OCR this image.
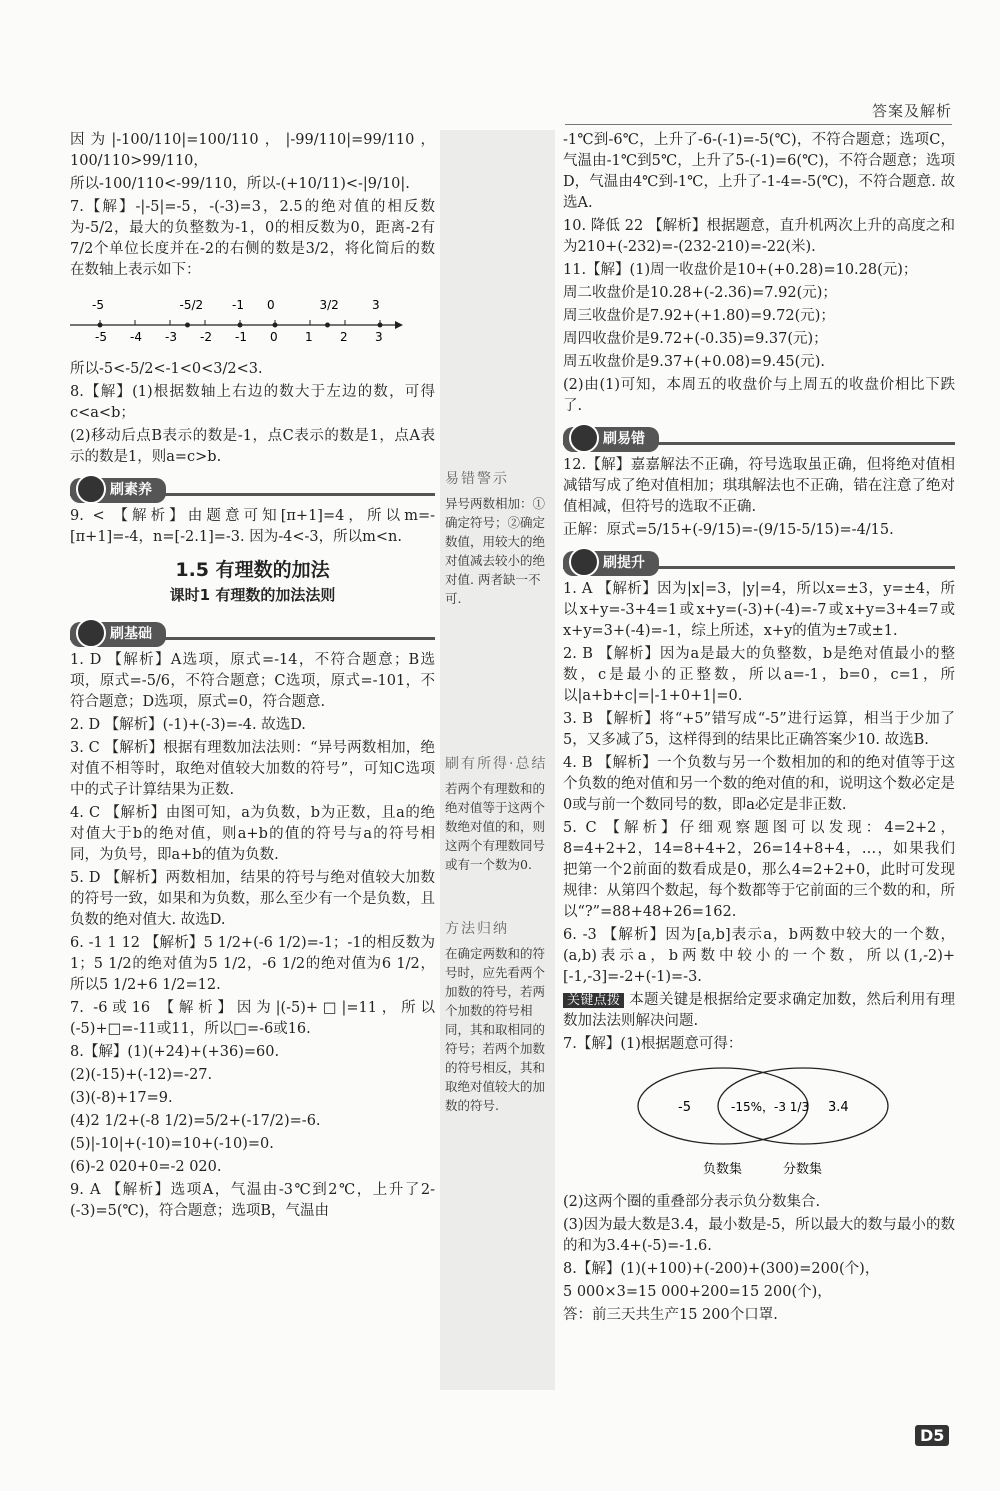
答案及解析

因为|-100/110|=100/110，|-99/110|=99/110，100/110>99/110，

所以-100/110<-99/110，所以-(+10/11)<-|9/10|.

7.【解】-|-5|=-5，-(-3)=3，2.5的绝对值的相反数为-5/2，最大的负整数为-1，0的相反数为0，距离-2有7/2个单位长度并在-2的右侧的数是3/2，将化简后的数在数轴上表示如下：

-5 -4 -3 -2 -1 0 1 2 3
-5	-5/2 -1 0	3/2	3

所以-5<-5/2<-1<0<3/2<3.

8.【解】(1)根据数轴上右边的数大于左边的数，可得c<a<b；

(2)移动后点B表示的数是-1，点C表示的数是1，点A表示的数是1，则a=c>b.

刷素养

9. < 【解析】由题意可知[π+1]=4，所以m=-[π+1]=-4，n=[-2.1]=-3. 因为-4<-3，所以m<n.

1.5 有理数的加法
课时1 有理数的加法法则
刷基础

1. D 【解析】A选项，原式=-14，不符合题意；B选项，原式=-5/6，不符合题意；C选项，原式=-101，不符合题意；D选项，原式=0，符合题意.

2. D 【解析】(-1)+(-3)=-4. 故选D.

3. C 【解析】根据有理数加法法则：“异号两数相加，绝对值不相等时，取绝对值较大加数的符号”，可知C选项中的式子计算结果为正数.

4. C 【解析】由图可知，a为负数，b为正数，且a的绝对值大于b的绝对值，则a+b的值的符号与a的符号相同，为负号，即a+b的值为负数.

5. D 【解析】两数相加，结果的符号与绝对值较大加数的符号一致，如果和为负数，那么至少有一个是负数，且负数的绝对值大. 故选D.

6. -1 1 12 【解析】5 1/2+(-6 1/2)=-1；-1的相反数为1；5 1/2的绝对值为5 1/2，-6 1/2的绝对值为6 1/2，所以5 1/2+6 1/2=12.

7. -6或16 【解析】因为|(-5)+□|=11，所以(-5)+□=-11或11，所以□=-6或16.

8.【解】(1)(+24)+(+36)=60.

(2)(-15)+(-12)=-27.

(3)(-8)+17=9.

(4)2 1/2+(-8 1/2)=5/2+(-17/2)=-6.

(5)|-10|+(-10)=10+(-10)=0.

(6)-2 020+0=-2 020.

9. A 【解析】选项A，气温由-3℃到2℃，上升了2-(-3)=5(℃)，符合题意；选项B，气温由

易错警示
异号两数相加：①确定符号；②确定数值，用较大的绝对值减去较小的绝对值. 两者缺一不可.
刷有所得·总结
若两个有理数和的绝对值等于这两个数绝对值的和，则这两个有理数同号或有一个数为0.
方法归纳
在确定两数和的符号时，应先看两个加数的符号，若两个加数的符号相同，其和取相同的符号；若两个加数的符号相反，其和取绝对值较大的加数的符号.

-1℃到-6℃，上升了-6-(-1)=-5(℃)，不符合题意；选项C，气温由-1℃到5℃，上升了5-(-1)=6(℃)，不符合题意；选项D，气温由4℃到-1℃，上升了-1-4=-5(℃)，不符合题意. 故选A.

10. 降低 22 【解析】根据题意，直升机两次上升的高度之和为210+(-232)=-(232-210)=-22(米).

11.【解】(1)周一收盘价是10+(+0.28)=10.28(元)；

周二收盘价是10.28+(-2.36)=7.92(元)；

周三收盘价是7.92+(+1.80)=9.72(元)；

周四收盘价是9.72+(-0.35)=9.37(元)；

周五收盘价是9.37+(+0.08)=9.45(元).

(2)由(1)可知，本周五的收盘价与上周五的收盘价相比下跌了.

刷易错

12.【解】嘉嘉解法不正确，符号选取虽正确，但将绝对值相减错写成了绝对值相加；琪琪解法也不正确，错在注意了绝对值相减，但符号的选取不正确.

正解：原式=5/15+(-9/15)=-(9/15-5/15)=-4/15.

刷提升

1. A 【解析】因为|x|=3，|y|=4，所以x=±3，y=±4，所以x+y=-3+4=1或x+y=(-3)+(-4)=-7或x+y=3+4=7或x+y=3+(-4)=-1，综上所述，x+y的值为±7或±1.

2. B 【解析】因为a是最大的负整数，b是绝对值最小的整数，c是最小的正整数，所以a=-1，b=0，c=1，所以|a+b+c|=|-1+0+1|=0.

3. B 【解析】将“+5”错写成“-5”进行运算，相当于少加了5，又多减了5，这样得到的结果比正确答案少10. 故选B.

4. B 【解析】一个负数与另一个数相加的和的绝对值等于这个负数的绝对值和另一个数的绝对值的和，说明这个数必定是0或与前一个数同号的数，即a必定是非正数.

5. C 【解析】仔细观察题图可以发现：4=2+2，8=4+2+2，14=8+4+2，26=14+8+4，…，如果我们把第一个2前面的数看成是0，那么4=2+2+0，此时可发现规律：从第四个数起，每个数都等于它前面的三个数的和，所以“?”=88+48+26=162.

6. -3 【解析】因为[a,b]表示a，b两数中较大的一个数，(a,b)表示a，b两数中较小的一个数，所以(1,-2)+[-1,-3]=-2+(-1)=-3.

关键点拨 本题关键是根据给定要求确定加数，然后利用有理数加法法则解决问题.

7.【解】(1)根据题意可得：

-5	-15%，-3 1/3 3.4
负数集	分数集

(2)这两个圈的重叠部分表示负分数集合.

(3)因为最大数是3.4，最小数是-5，所以最大的数与最小的数的和为3.4+(-5)=-1.6.

8.【解】(1)(+100)+(-200)+(300)=200(个)，

5 000×3=15 000+200=15 200(个)，

答：前三天共生产15 200个口罩.

D5
